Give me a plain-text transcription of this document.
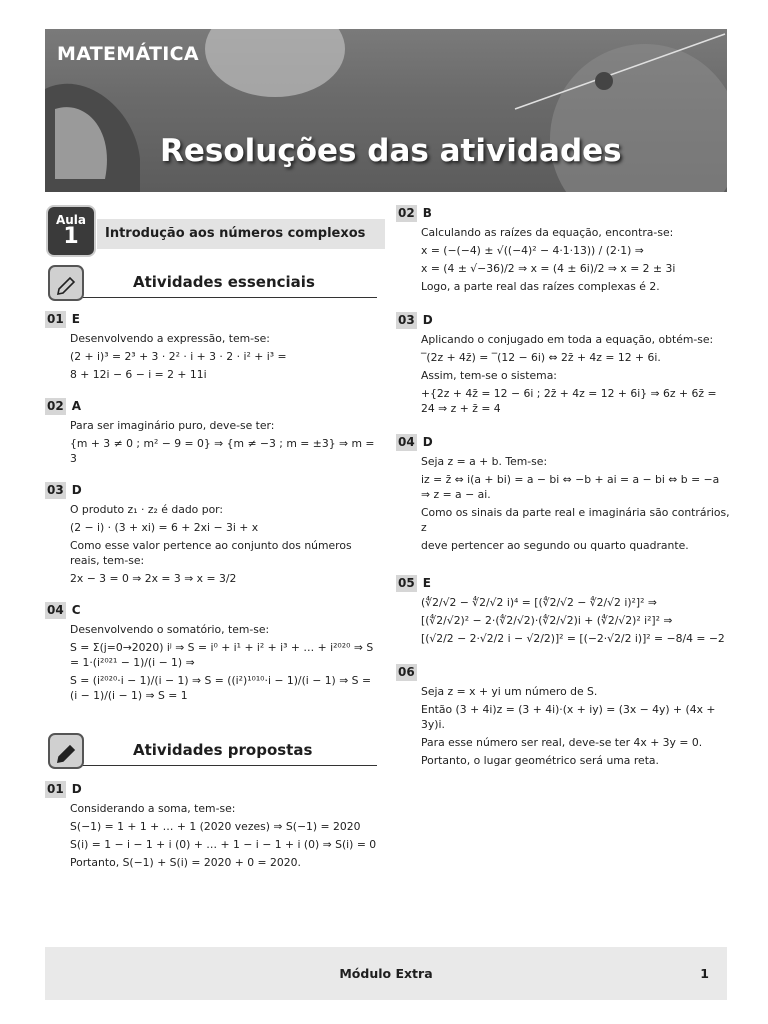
MATEMÁTICA
Resoluções das atividades
Aula
1	Introdução aos números complexos
Atividades essenciais
01 E
Desenvolvendo a expressão, tem-se:
(2 + i)³ = 2³ + 3 · 2² · i + 3 · 2 · i² + i³ =
8 + 12i − 6 − i = 2 + 11i
02 A
Para ser imaginário puro, deve-se ter:
{m + 3 ≠ 0 ; m² − 9 = 0} ⇒ {m ≠ −3 ; m = ±3} ⇒ m = 3
03 D
O produto z₁ · z₂ é dado por:
(2 − i) · (3 + xi) = 6 + 2xi − 3i + x
Como esse valor pertence ao conjunto dos números reais, tem-se:
2x − 3 = 0 ⇒ 2x = 3 ⇒ x = 3/2
04 C
Desenvolvendo o somatório, tem-se:
S = Σ(j=0→2020) iʲ ⇒ S = i⁰ + i¹ + i² + i³ + … + i²⁰²⁰ ⇒ S = 1·(i²⁰²¹ − 1)/(i − 1) ⇒
S = (i²⁰²⁰·i − 1)/(i − 1) ⇒ S = ((i²)¹⁰¹⁰·i − 1)/(i − 1) ⇒ S = (i − 1)/(i − 1) ⇒ S = 1
Atividades propostas
01 D
Considerando a soma, tem-se:
S(−1) = 1 + 1 + … + 1 (2020 vezes) ⇒ S(−1) = 2020
S(i) = 1 − i − 1 + i (0) + … + 1 − i − 1 + i (0) ⇒ S(i) = 0
Portanto, S(−1) + S(i) = 2020 + 0 = 2020.
02 B
Calculando as raízes da equação, encontra-se:
x = (−(−4) ± √((−4)² − 4·1·13)) / (2·1) ⇒
x = (4 ± √−36)/2 ⇒ x = (4 ± 6i)/2 ⇒ x = 2 ± 3i
Logo, a parte real das raízes complexas é 2.
03 D
Aplicando o conjugado em toda a equação, obtém-se:
‾(2z + 4z̄) = ‾(12 − 6i) ⇔ 2z̄ + 4z = 12 + 6i.
Assim, tem-se o sistema:
+{2z + 4z̄ = 12 − 6i ; 2z̄ + 4z = 12 + 6i} ⇒ 6z + 6z̄ = 24 ⇒ z + z̄ = 4
04 D
Seja z = a + b. Tem-se:
iz = z̄ ⇔ i(a + bi) = a − bi ⇔ −b + ai = a − bi ⇔ b = −a ⇒ z = a − ai.
Como os sinais da parte real e imaginária são contrários, z
deve pertencer ao segundo ou quarto quadrante.
05 E
(∜2/√2 − ∜2/√2 i)⁴ = [(∜2/√2 − ∜2/√2 i)²]² ⇒
[(∜2/√2)² − 2·(∜2/√2)·(∜2/√2)i + (∜2/√2)² i²]² ⇒
[(√2/2 − 2·√2/2 i − √2/2)]² = [(−2·√2/2 i)]² = −8/4 = −2
06
Seja z = x + yi um número de S.
Então (3 + 4i)z = (3 + 4i)·(x + iy) = (3x − 4y) + (4x + 3y)i.
Para esse número ser real, deve-se ter 4x + 3y = 0.
Portanto, o lugar geométrico será uma reta.
Módulo Extra	1
